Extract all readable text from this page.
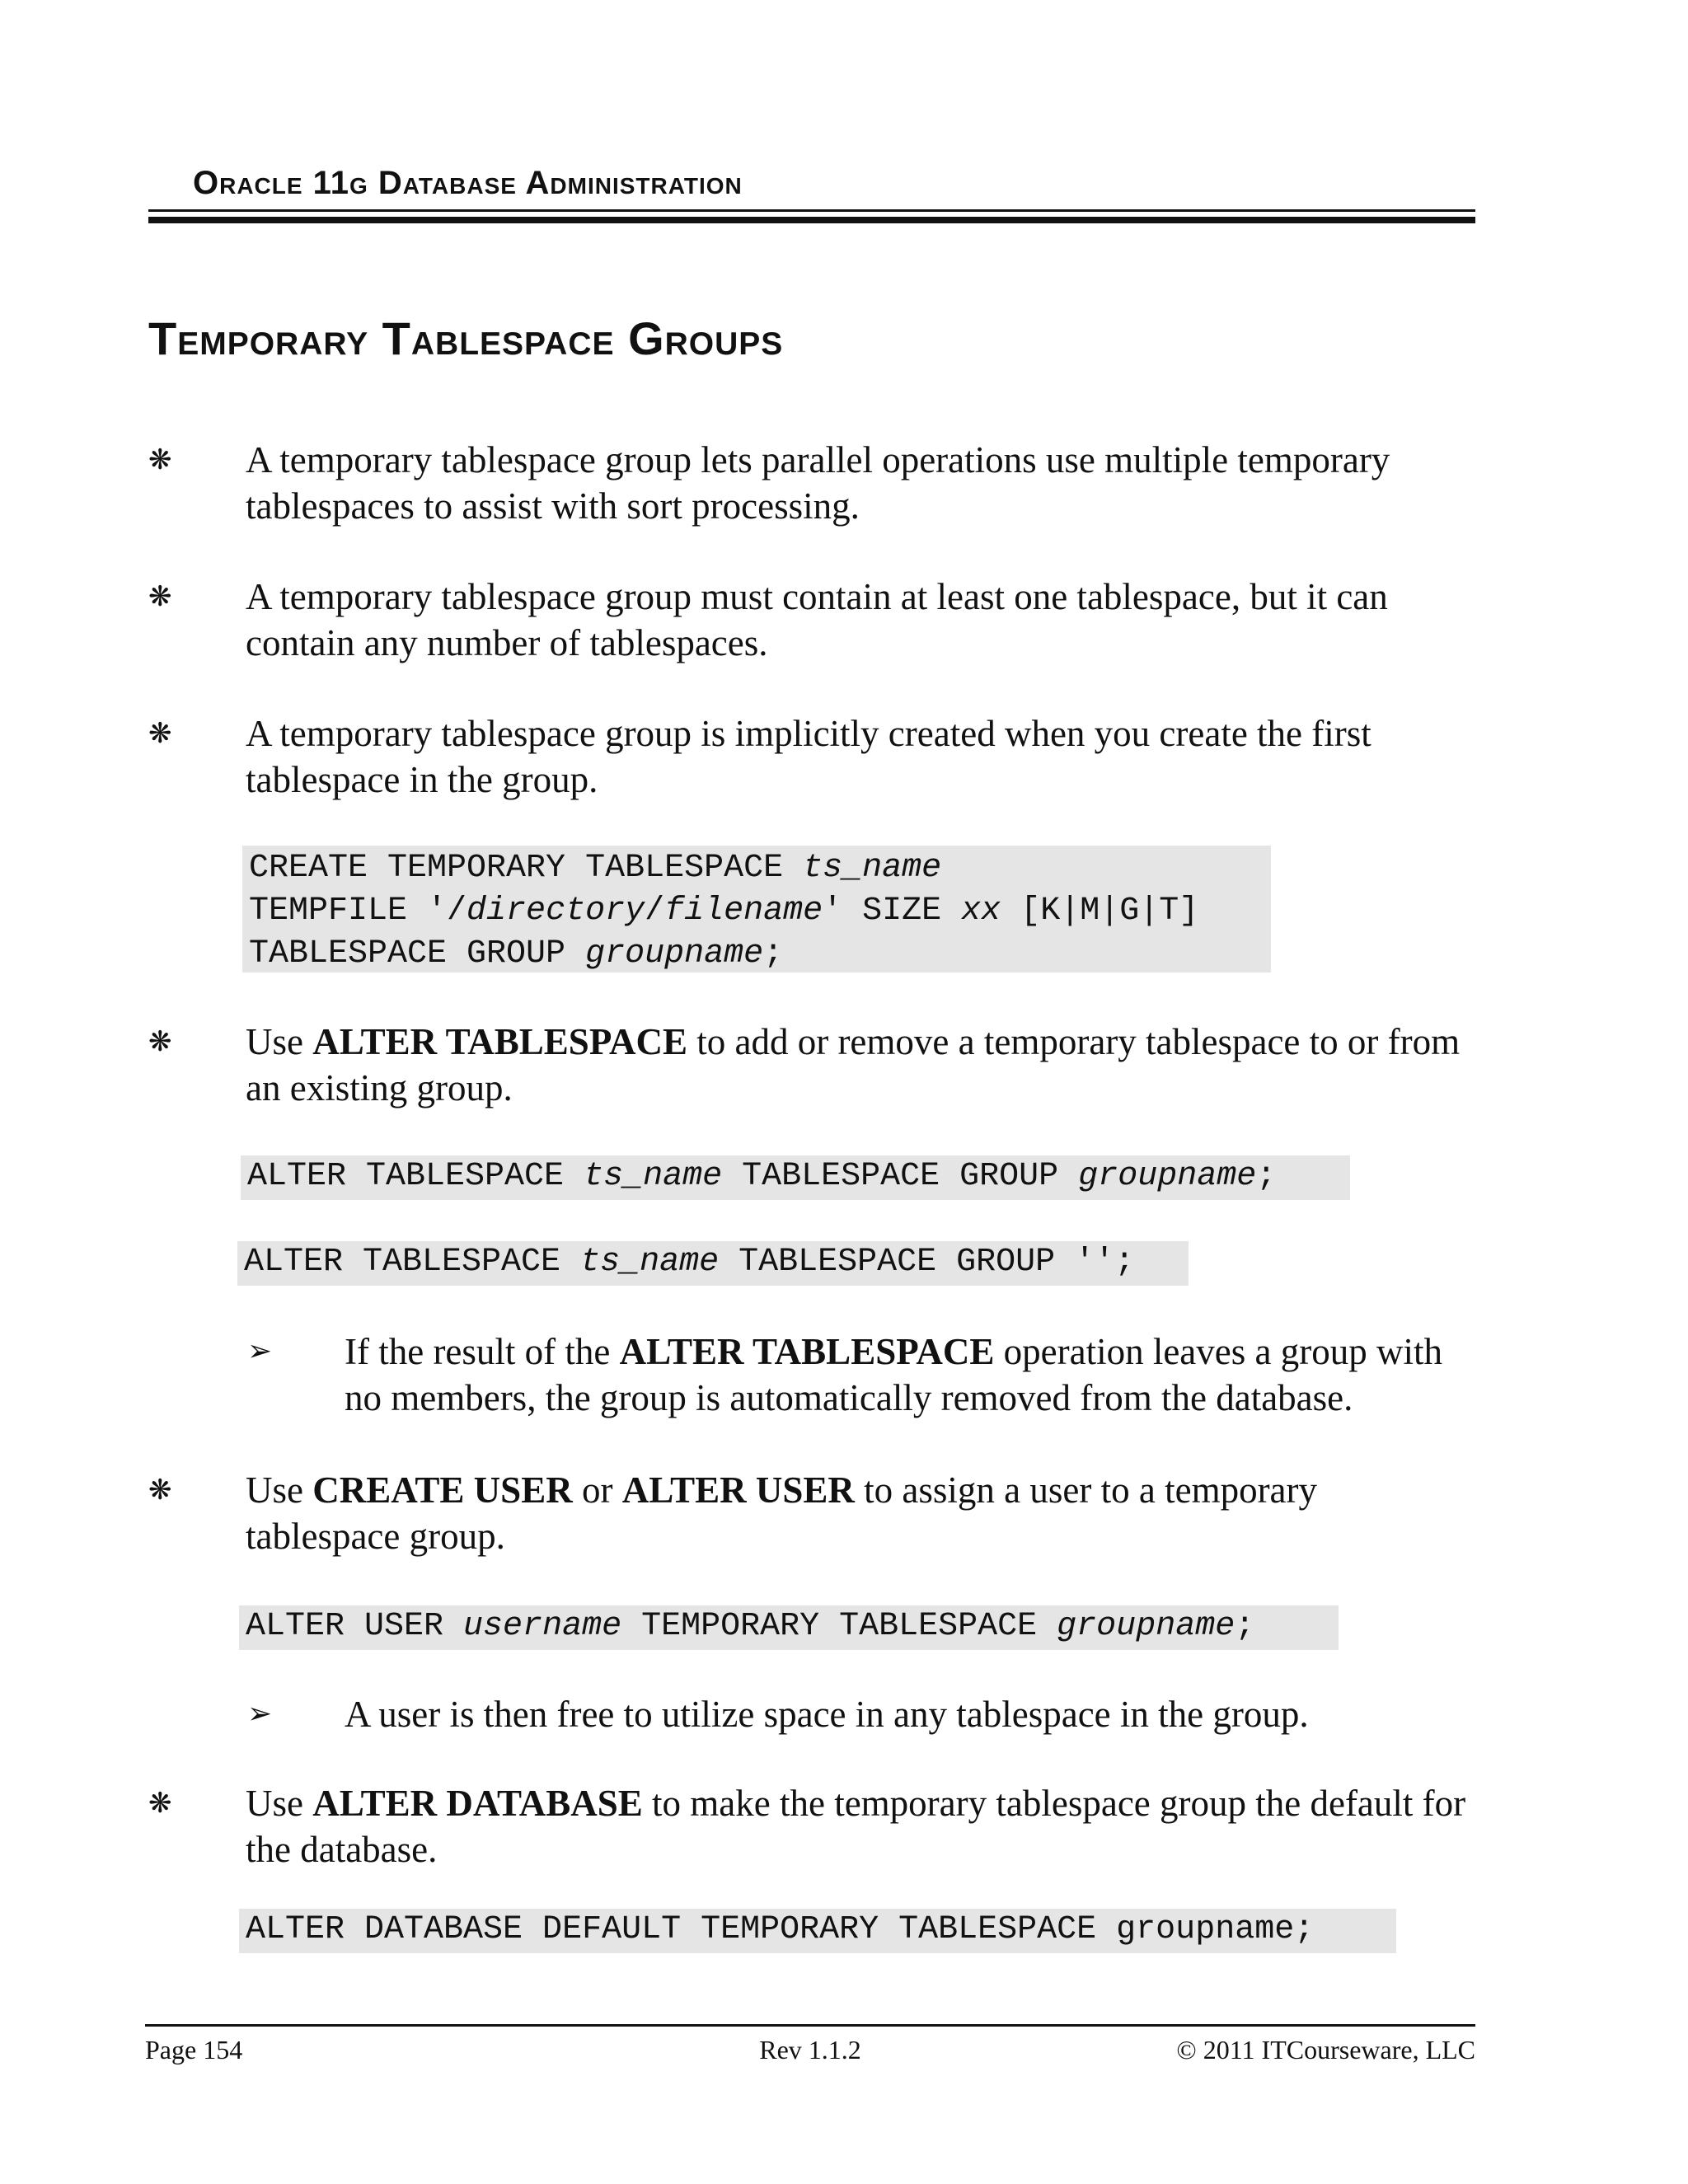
Oracle 11g Database Administration
Temporary Tablespace Groups
❋ A temporary tablespace group lets parallel operations use multiple temporary tablespaces to assist with sort processing.
❋ A temporary tablespace group must contain at least one tablespace, but it can contain any number of tablespaces.
❋ A temporary tablespace group is implicitly created when you create the first tablespace in the group.
CREATE TEMPORARY TABLESPACE ts_name
TEMPFILE '/directory/filename' SIZE xx [K|M|G|T]
TABLESPACE GROUP groupname;
❋ Use ALTER TABLESPACE to add or remove a temporary tablespace to or from an existing group.
ALTER TABLESPACE ts_name TABLESPACE GROUP groupname;
ALTER TABLESPACE ts_name TABLESPACE GROUP '';
➢ If the result of the ALTER TABLESPACE operation leaves a group with no members, the group is automatically removed from the database.
❋ Use CREATE USER or ALTER USER to assign a user to a temporary tablespace group.
ALTER USER username TEMPORARY TABLESPACE groupname;
➢ A user is then free to utilize space in any tablespace in the group.
❋ Use ALTER DATABASE to make the temporary tablespace group the default for the database.
ALTER DATABASE DEFAULT TEMPORARY TABLESPACE groupname;
Page 154	Rev 1.1.2	© 2011 ITCourseware, LLC
